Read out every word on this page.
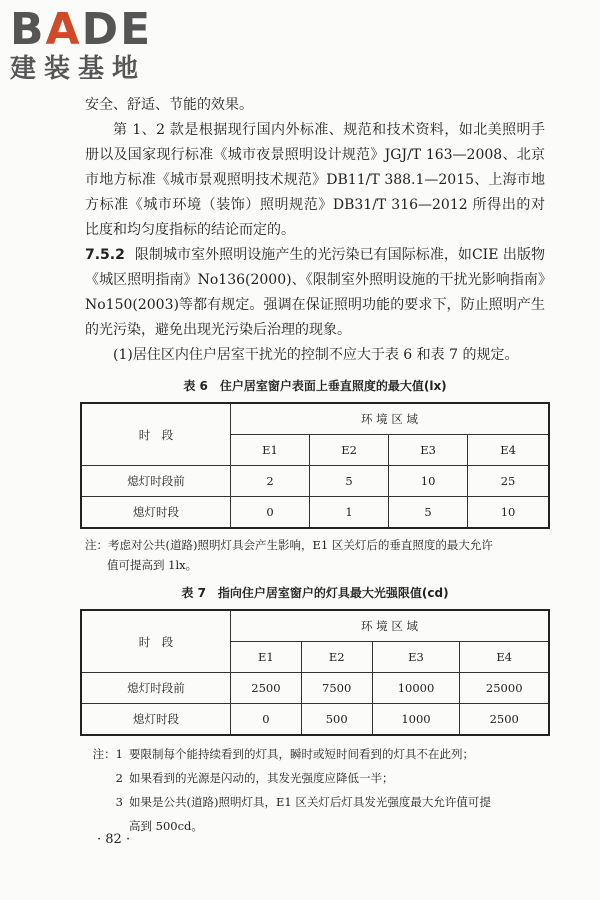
BADE
建装基地

安全、舒适、节能的效果。

第 1、2 款是根据现行国内外标准、规范和技术资料，如北美照明手册以及国家现行标准《城市夜景照明设计规范》JGJ/T 163—2008、北京市地方标准《城市景观照明技术规范》DB11/T 388.1—2015、上海市地方标准《城市环境（装饰）照明规范》DB31/T 316—2012 所得出的对比度和均匀度指标的结论而定的。

7.5.2 限制城市室外照明设施产生的光污染已有国际标准，如CIE 出版物《城区照明指南》No136(2000)、《限制室外照明设施的干扰光影响指南》No150(2003)等都有规定。强调在保证照明功能的要求下，防止照明产生的光污染，避免出现光污染后治理的现象。

(1)居住区内住户居室干扰光的控制不应大于表 6 和表 7 的规定。

表 6　住户居室窗户表面上垂直照度的最大值(lx)
时　段	环 境 区 域			
	E1	E2	E3	E4
熄灯时段前	2	5	10	25
熄灯时段	0	1	5	10
注：考虑对公共(道路)照明灯具会产生影响，E1 区关灯后的垂直照度的最大允许
值可提高到 1lx。
表 7　指向住户居室窗户的灯具最大光强限值(cd)
时　段	环 境 区 域			
	E1	E2	E3	E4
熄灯时段前	2500	7500	10000	25000
熄灯时段	0	500	1000	2500
注：1 要限制每个能持续看到的灯具，瞬时或短时间看到的灯具不在此列；
2 如果看到的光源是闪动的，其发光强度应降低一半；
3 如果是公共(道路)照明灯具，E1 区关灯后灯具发光强度最大允许值可提
高到 500cd。
· 82 ·
